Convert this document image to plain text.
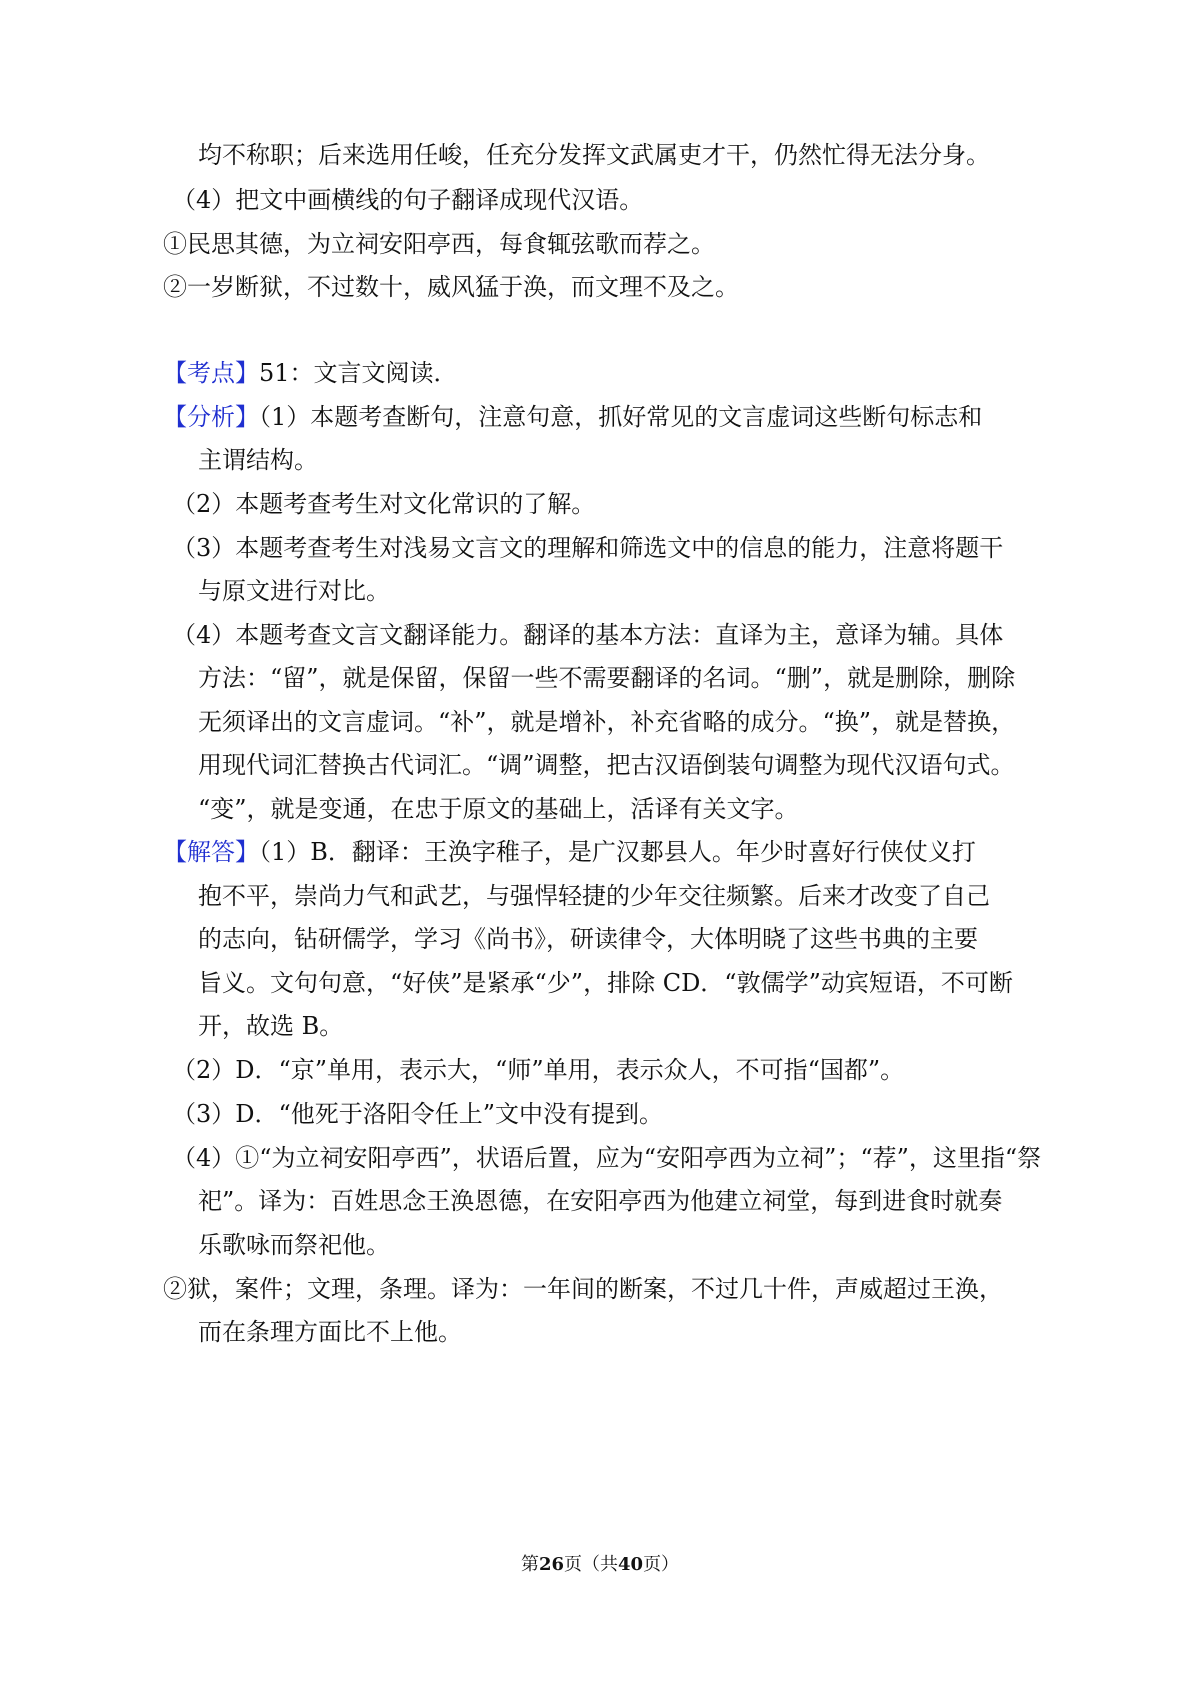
均不称职；后来选用任峻，任充分发挥文武属吏才干，仍然忙得无法分身。
（4）把文中画横线的句子翻译成现代汉语。
①民思其德，为立祠安阳亭西，每食辄弦歌而荐之。
②一岁断狱，不过数十，威风猛于涣，而文理不及之。
【考点】51：文言文阅读．
【分析】（1）本题考查断句，注意句意，抓好常见的文言虚词这些断句标志和
主谓结构。
（2）本题考查考生对文化常识的了解。
（3）本题考查考生对浅易文言文的理解和筛选文中的信息的能力，注意将题干
与原文进行对比。
（4）本题考查文言文翻译能力。翻译的基本方法：直译为主，意译为辅。具体
方法：“留”，就是保留，保留一些不需要翻译的名词。“删”，就是删除，删除
无须译出的文言虚词。“补”，就是增补，补充省略的成分。“换”，就是替换，
用现代词汇替换古代词汇。“调”调整，把古汉语倒装句调整为现代汉语句式。
“变”，就是变通，在忠于原文的基础上，活译有关文字。
【解答】（1）B．翻译：王涣字稚子，是广汉郪县人。年少时喜好行侠仗义打
抱不平，崇尚力气和武艺，与强悍轻捷的少年交往频繁。后来才改变了自己
的志向，钻研儒学，学习《尚书》，研读律令，大体明晓了这些书典的主要
旨义。文句句意，“好侠”是紧承“少”，排除 CD．“敦儒学”动宾短语，不可断
开，故选 B。
（2）D．“京”单用，表示大，“师”单用，表示众人，不可指“国都”。
（3）D．“他死于洛阳令任上”文中没有提到。
（4）①“为立祠安阳亭西”，状语后置，应为“安阳亭西为立祠”；“荐”，这里指“祭
祀”。译为：百姓思念王涣恩德，在安阳亭西为他建立祠堂，每到进食时就奏
乐歌咏而祭祀他。
②狱，案件；文理，条理。译为：一年间的断案，不过几十件，声威超过王涣，
而在条理方面比不上他。
第26页（共40页）
